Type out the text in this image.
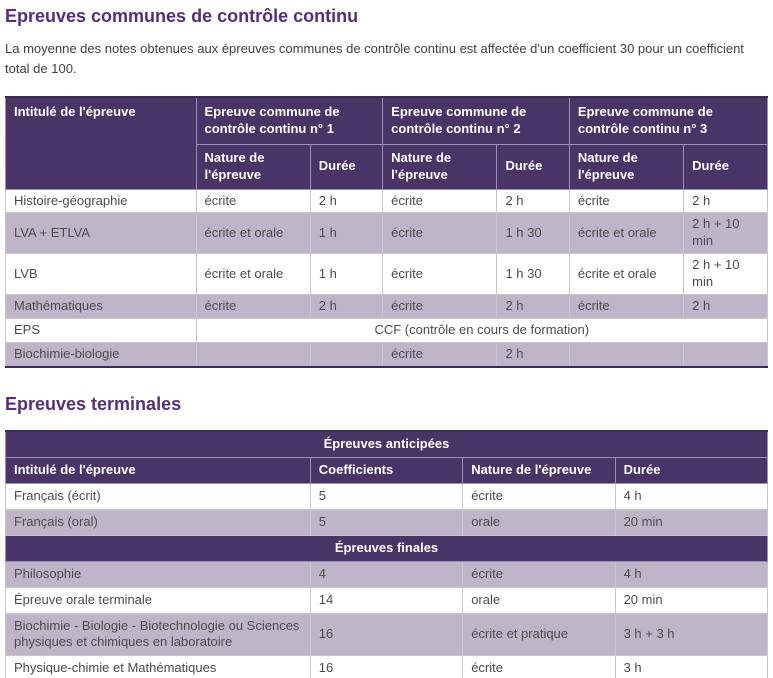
Epreuves communes de contrôle continu

La moyenne des notes obtenues aux épreuves communes de contrôle continu est affectée d'un coefficient 30 pour un coefficient total de 100.

Intitulé de l'épreuve	Epreuve commune de contrôle continu n° 1		Epreuve commune de contrôle continu n° 2		Epreuve commune de contrôle continu n° 3	
	Nature de l'épreuve	Durée	Nature de l'épreuve	Durée	Nature de l'épreuve	Durée
Histoire-géographie	écrite	2 h	écrite	2 h	écrite	2 h
LVA + ETLVA	écrite et orale	1 h	écrite	1 h 30	écrite et orale	2 h + 10 min
LVB	écrite et orale	1 h	écrite	1 h 30	écrite et orale	2 h + 10 min
Mathématiques	écrite	2 h	écrite	2 h	écrite	2 h
EPS	CCF (contrôle en cours de formation)					
Biochimie-biologie			écrite	2 h		
Epreuves terminales
Épreuves anticipées			
Intitulé de l'épreuve	Coefficients	Nature de l'épreuve	Durée
Français (écrit)	5	écrite	4 h
Français (oral)	5	orale	20 min
Épreuves finales			
Philosophie	4	écrite	4 h
Épreuve orale terminale	14	orale	20 min
Biochimie - Biologie - Biotechnologie ou Sciences physiques et chimiques en laboratoire	16	écrite et pratique	3 h + 3 h
Physique-chimie et Mathématiques	16	écrite	3 h
